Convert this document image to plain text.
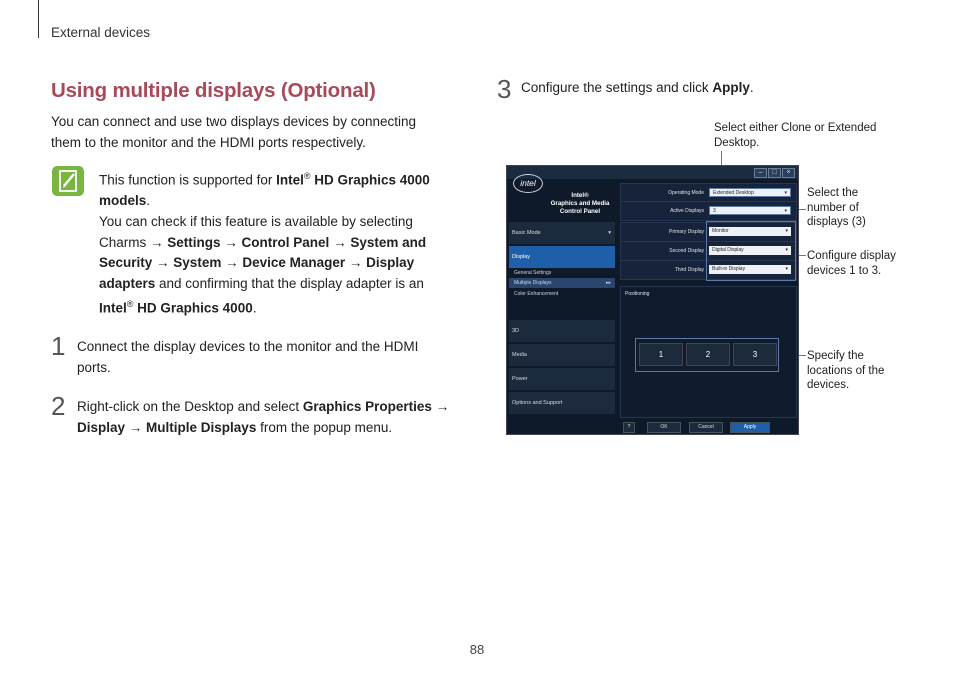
External devices
Using multiple displays (Optional)
You can connect and use two displays devices by connecting them to the monitor and the HDMI ports respectively.
This function is supported for Intel® HD Graphics 4000 models.
You can check if this feature is available by selecting Charms → Settings → Control Panel → System and Security → System → Device Manager → Display adapters and confirming that the display adapter is an Intel® HD Graphics 4000.
1 Connect the display devices to the monitor and the HDMI ports.
2 Right-click on the Desktop and select Graphics Properties → Display → Multiple Displays from the popup menu.
3 Configure the settings and click Apply.
Select either Clone or Extended Desktop.
Select the number of displays (3)
Configure display devices 1 to 3.
Specify the locations of the devices.
–	□	×
intel
Intel®
Graphics and Media
Control Panel
Basic Mode	▾
Display
General Settings
Multiple Displays	▸▸
Color Enhancement
3D
Media
Power
Options and Support
Operating Mode	Extended Desktop	▾
Active Displays	3	▾
Primary Display	Monitor	▾
Second Display	Digital Display	▾
Third Display	Built-in Display	▾
Positioning
1	2	3
?	OK	Cancel	Apply
88
